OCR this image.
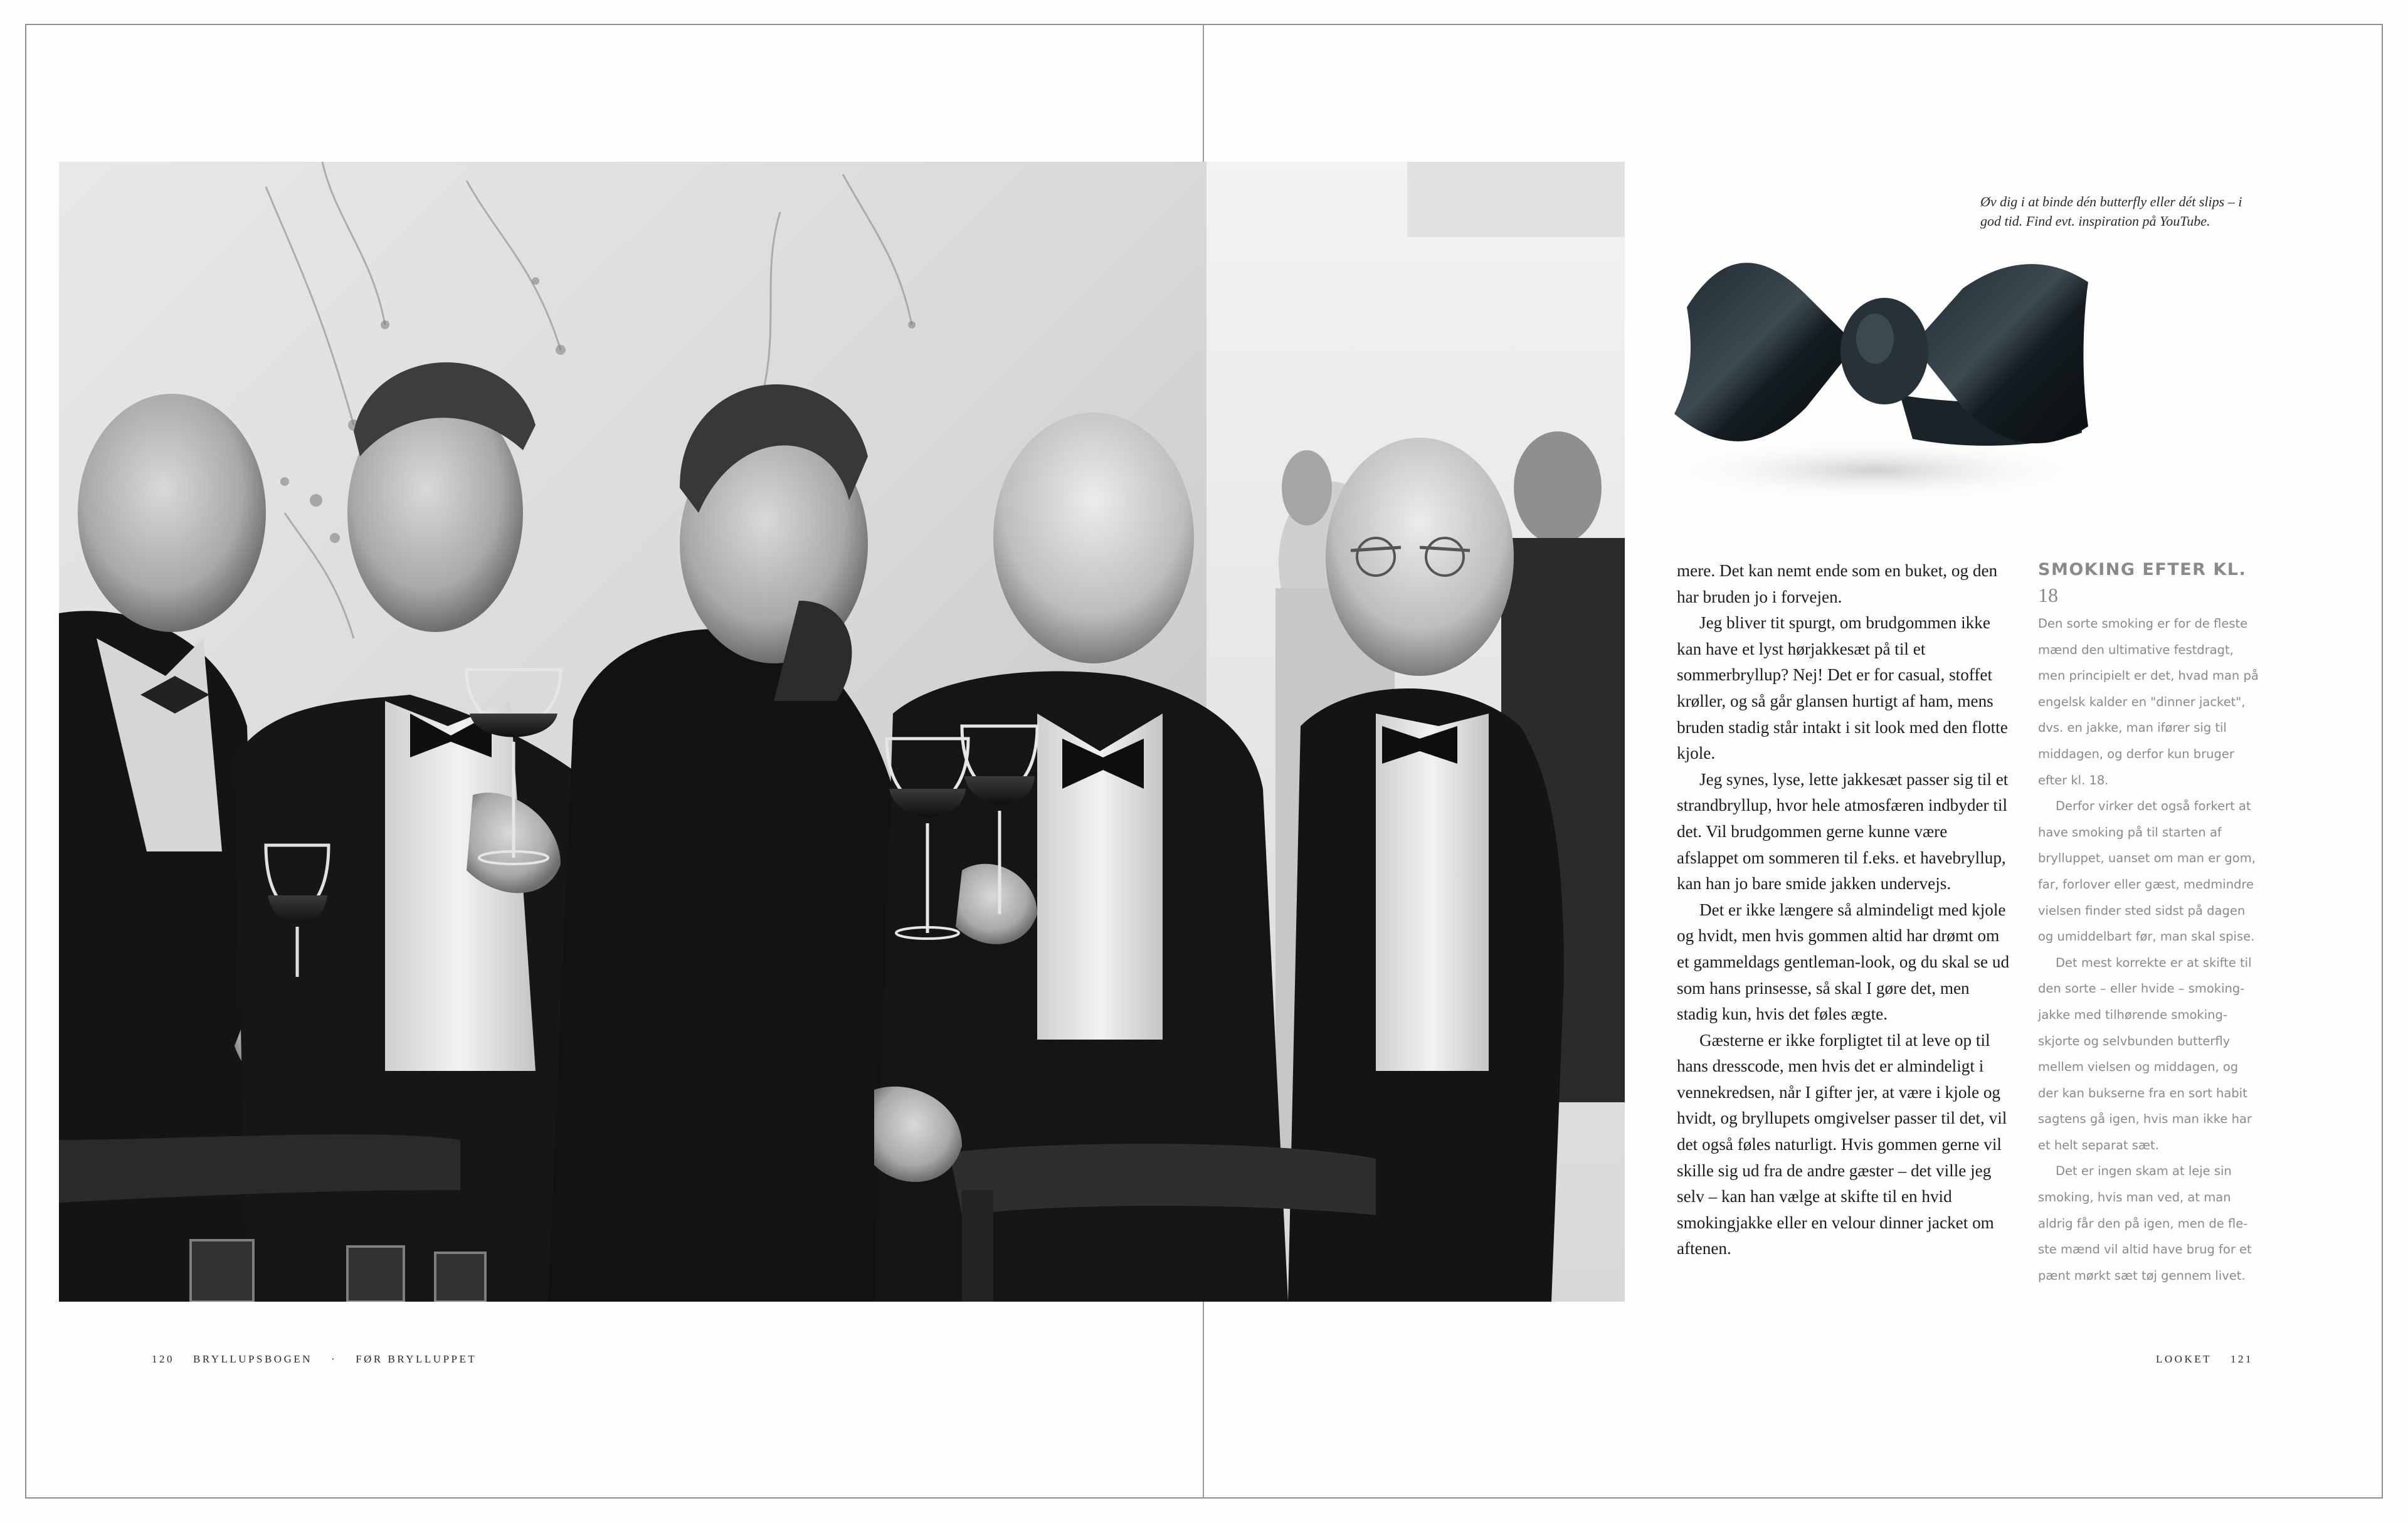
Øv dig i at binde dén butterfly eller dét slips – i god tid. Find evt. inspiration på YouTube.

mere. Det kan nemt ende som en buket, og den har bruden jo i forvejen.

Jeg bliver tit spurgt, om brudgommen ikke kan have et lyst hørjakkesæt på til et sommerbryllup? Nej! Det er for casual, stoffet krøller, og så går glansen hurtigt af ham, mens bruden stadig står intakt i sit look med den flotte kjole.

Jeg synes, lyse, lette jakkesæt passer sig til et strandbryllup, hvor hele atmosfæren indbyder til det. Vil brudgommen gerne kunne være afslappet om sommeren til f.eks. et havebryllup, kan han jo bare smide jakken undervejs.

Det er ikke længere så almindeligt med kjole og hvidt, men hvis gommen altid har drømt om et gammeldags gentleman-look, og du skal se ud som hans prinsesse, så skal I gøre det, men stadig kun, hvis det føles ægte.

Gæsterne er ikke forpligtet til at leve op til hans dresscode, men hvis det er almindeligt i vennekredsen, når I gifter jer, at være i kjole og hvidt, og bryllupets omgivelser passer til det, vil det også føles naturligt. Hvis gommen gerne vil skille sig ud fra de andre gæster – det ville jeg selv – kan han vælge at skifte til en hvid smokingjakke eller en velour dinner jacket om aftenen.

SMOKING EFTER KL. 18

Den sorte smoking er for de fleste mænd den ultimative festdragt, men principielt er det, hvad man på engelsk kalder en "dinner jacket", dvs. en jakke, man ifører sig til middagen, og derfor kun bruger efter kl. 18.

Derfor virker det også forkert at have smoking på til starten af brylluppet, uanset om man er gom, far, forlover eller gæst, medmindre vielsen finder sted sidst på dagen og umiddelbart før, man skal spise.

Det mest korrekte er at skifte til den sorte – eller hvide – smoking-jakke med tilhørende smoking-skjorte og selvbunden butterfly mellem vielsen og middagen, og der kan bukserne fra en sort habit sagtens gå igen, hvis man ikke har et helt separat sæt.

Det er ingen skam at leje sin smoking, hvis man ved, at man aldrig får den på igen, men de fle-ste mænd vil altid have brug for et pænt mørkt sæt tøj gennem livet.

120 BRYLLUPSBOGEN · FØR BRYLLUPPET	LOOKET 121
